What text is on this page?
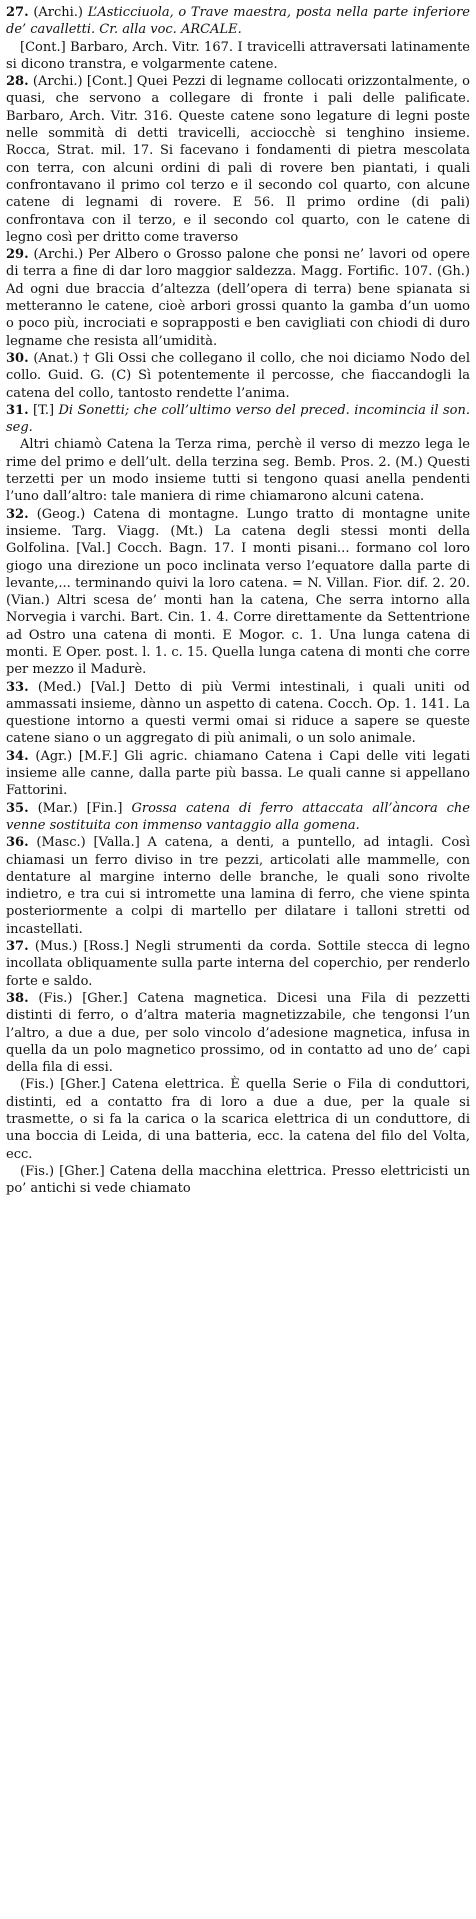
27. (Archi.) L’Asticciuola, o Trave maestra, posta nella parte inferiore de’ cavalletti. Cr. alla voc. ARCALE.

[Cont.] Barbaro, Arch. Vitr. 167. I travicelli attraversati latinamente si dicono transtra, e volgarmente catene.

28. (Archi.) [Cont.] Quei Pezzi di legname collocati orizzontalmente, o quasi, che servono a collegare di fronte i pali delle palificate. Barbaro, Arch. Vitr. 316. Queste catene sono legature di legni poste nelle sommità di detti travicelli, acciocchè si tenghino insieme. Rocca, Strat. mil. 17. Si facevano i fondamenti di pietra mescolata con terra, con alcuni ordini di pali di rovere ben piantati, i quali confrontavano il primo col terzo e il secondo col quarto, con alcune catene di legnami di rovere. E 56. Il primo ordine (di pali) confrontava con il terzo, e il secondo col quarto, con le catene di legno così per dritto come traverso

29. (Archi.) Per Albero o Grosso palone che ponsi ne’ lavori od opere di terra a fine di dar loro maggior saldezza. Magg. Fortific. 107. (Gh.) Ad ogni due braccia d’altezza (dell’opera di terra) bene spianata si metteranno le catene, cioè arbori grossi quanto la gamba d’un uomo o poco più, incrociati e soprapposti e ben cavigliati con chiodi di duro legname che resista all’umidità.

30. (Anat.) † Gli Ossi che collegano il collo, che noi diciamo Nodo del collo. Guid. G. (C) Sì potentemente il percosse, che fiaccandogli la catena del collo, tantosto rendette l’anima.

31. [T.] Di Sonetti; che coll’ultimo verso del preced. incomincia il son. seg.

Altri chiamò Catena la Terza rima, perchè il verso di mezzo lega le rime del primo e dell’ult. della terzina seg. Bemb. Pros. 2. (M.) Questi terzetti per un modo insieme tutti si tengono quasi anella pendenti l’uno dall’altro: tale maniera di rime chiamarono alcuni catena.

32. (Geog.) Catena di montagne. Lungo tratto di montagne unite insieme. Targ. Viagg. (Mt.) La catena degli stessi monti della Golfolina. [Val.] Cocch. Bagn. 17. I monti pisani... formano col loro giogo una direzione un poco inclinata verso l’equatore dalla parte di levante,... terminando quivi la loro catena. = N. Villan. Fior. dif. 2. 20. (Vian.) Altri scesa de’ monti han la catena, Che serra intorno alla Norvegia i varchi. Bart. Cin. 1. 4. Corre direttamente da Settentrione ad Ostro una catena di monti. E Mogor. c. 1. Una lunga catena di monti. E Oper. post. l. 1. c. 15. Quella lunga catena di monti che corre per mezzo il Madurè.

33. (Med.) [Val.] Detto di più Vermi intestinali, i quali uniti od ammassati insieme, dànno un aspetto di catena. Cocch. Op. 1. 141. La questione intorno a questi vermi omai si riduce a sapere se queste catene siano o un aggregato di più animali, o un solo animale.

34. (Agr.) [M.F.] Gli agric. chiamano Catena i Capi delle viti legati insieme alle canne, dalla parte più bassa. Le quali canne si appellano Fattorini.

35. (Mar.) [Fin.] Grossa catena di ferro attaccata all’àncora che venne sostituita con immenso vantaggio alla gomena.

36. (Masc.) [Valla.] A catena, a denti, a puntello, ad intagli. Così chiamasi un ferro diviso in tre pezzi, articolati alle mammelle, con dentature al margine interno delle branche, le quali sono rivolte indietro, e tra cui si intromette una lamina di ferro, che viene spinta posteriormente a colpi di martello per dilatare i talloni stretti od incastellati.

37. (Mus.) [Ross.] Negli strumenti da corda. Sottile stecca di legno incollata obliquamente sulla parte interna del coperchio, per renderlo forte e saldo.

38. (Fis.) [Gher.] Catena magnetica. Dicesi una Fila di pezzetti distinti di ferro, o d’altra materia magnetizzabile, che tengonsi l’un l’altro, a due a due, per solo vincolo d’adesione magnetica, infusa in quella da un polo magnetico prossimo, od in contatto ad uno de’ capi della fila di essi.

(Fis.) [Gher.] Catena elettrica. È quella Serie o Fila di conduttori, distinti, ed a contatto fra di loro a due a due, per la quale si trasmette, o si fa la carica o la scarica elettrica di un conduttore, di una boccia di Leida, di una batteria, ecc. la catena del filo del Volta, ecc.

(Fis.) [Gher.] Catena della macchina elettrica. Presso elettricisti un po’ antichi si vede chiamato
